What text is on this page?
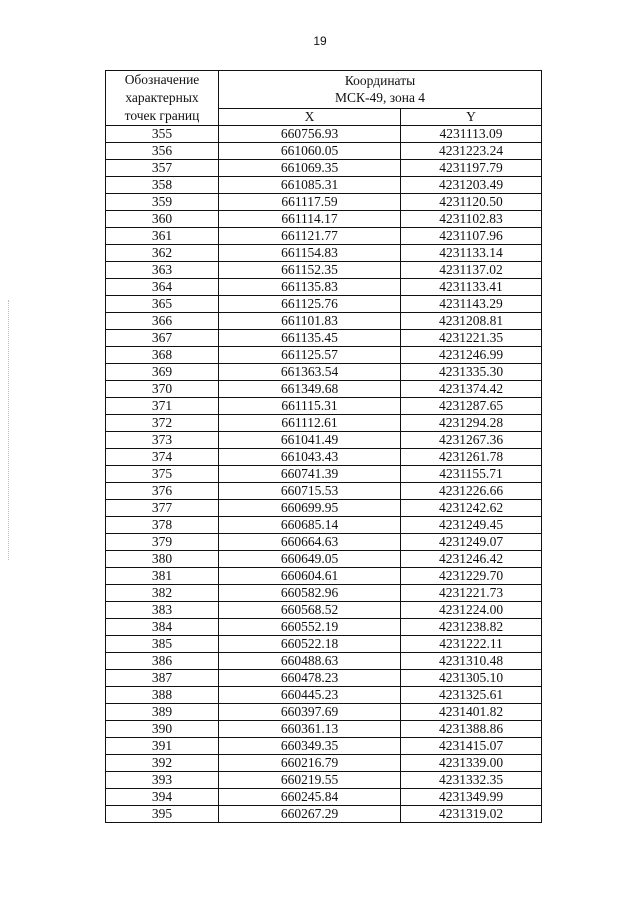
19
Обозначение
характерных
точек границ	Координаты
МСК-49, зона 4	

	X	Y
355	660756.93	4231113.09
356	661060.05	4231223.24
357	661069.35	4231197.79
358	661085.31	4231203.49
359	661117.59	4231120.50
360	661114.17	4231102.83
361	661121.77	4231107.96
362	661154.83	4231133.14
363	661152.35	4231137.02
364	661135.83	4231133.41
365	661125.76	4231143.29
366	661101.83	4231208.81
367	661135.45	4231221.35
368	661125.57	4231246.99
369	661363.54	4231335.30
370	661349.68	4231374.42
371	661115.31	4231287.65
372	661112.61	4231294.28
373	661041.49	4231267.36
374	661043.43	4231261.78
375	660741.39	4231155.71
376	660715.53	4231226.66
377	660699.95	4231242.62
378	660685.14	4231249.45
379	660664.63	4231249.07
380	660649.05	4231246.42
381	660604.61	4231229.70
382	660582.96	4231221.73
383	660568.52	4231224.00
384	660552.19	4231238.82
385	660522.18	4231222.11
386	660488.63	4231310.48
387	660478.23	4231305.10
388	660445.23	4231325.61
389	660397.69	4231401.82
390	660361.13	4231388.86
391	660349.35	4231415.07
392	660216.79	4231339.00
393	660219.55	4231332.35
394	660245.84	4231349.99
395	660267.29	4231319.02
